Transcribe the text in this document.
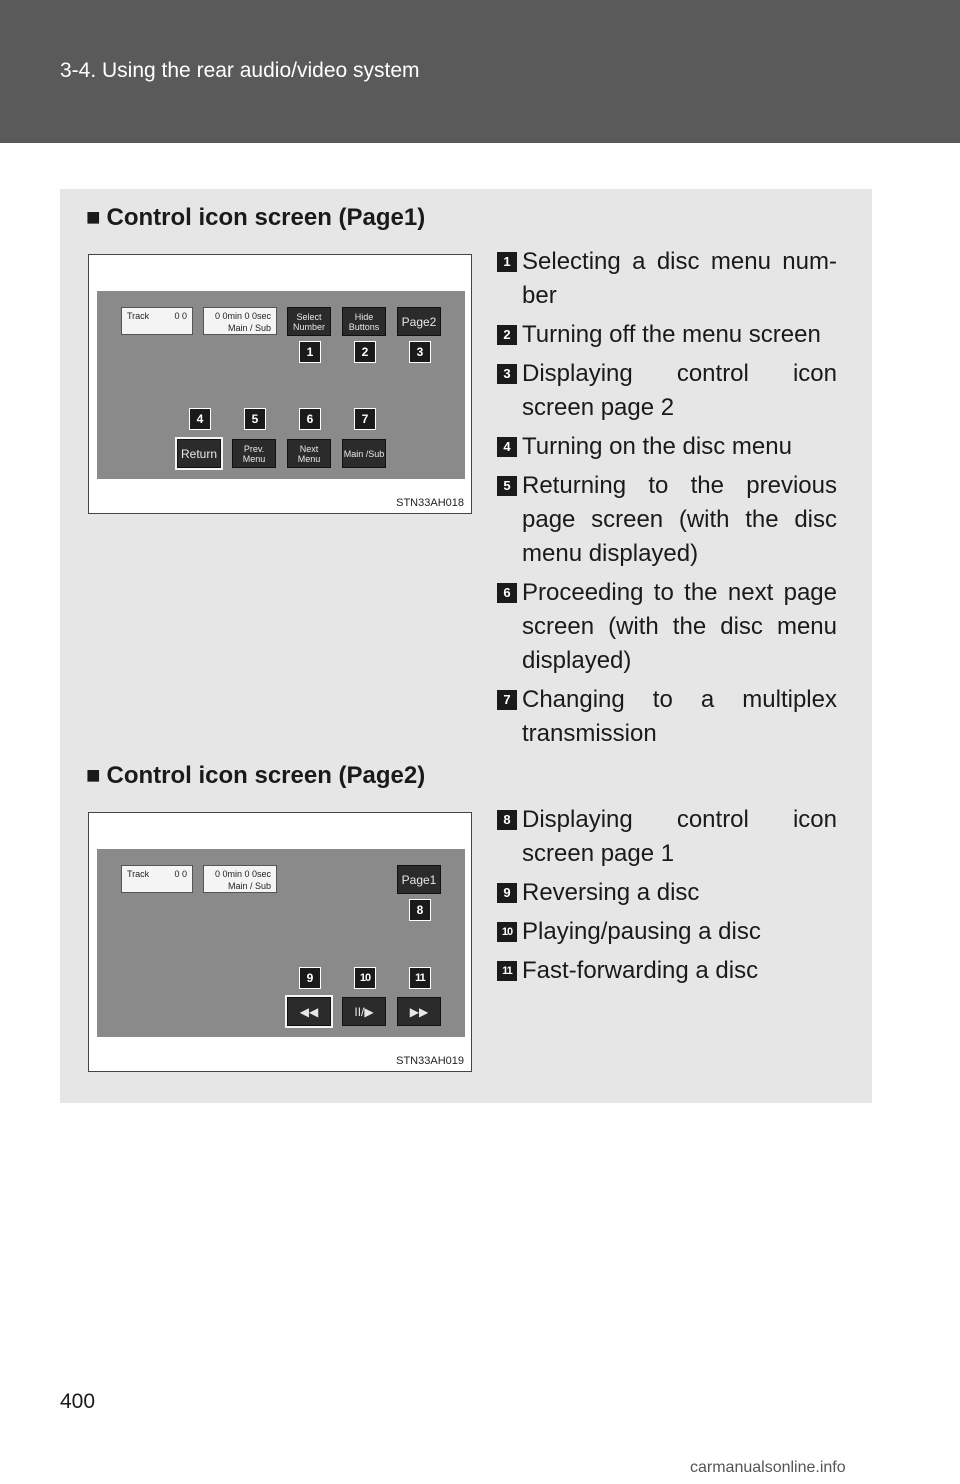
3-4. Using the rear audio/video system
■ Control icon screen (Page1)
Track	0 0	0 0min 0 0sec
Main / Sub
Select Number
Hide Buttons	Page2
1	2	3
4	5	6	7
Return	Prev. Menu
Next Menu	Main /Sub
STN33AH018
1 Selecting a disc menu num-ber
2 Turning off the menu screen
3 Displaying control icon screen page 2
4 Turning on the disc menu
5 Returning to the previous page screen (with the disc menu displayed)
6 Proceeding to the next page screen (with the disc menu displayed)
7 Changing to a multiplex transmission
■ Control icon screen (Page2)
Track	0 0	0 0min 0 0sec
Main / Sub	Page1
8
9	10	11
◀◀	II/▶	▶▶
STN33AH019
8 Displaying control icon screen page 1
9 Reversing a disc
10 Playing/pausing a disc
11 Fast-forwarding a disc
400
carmanualsonline.info
